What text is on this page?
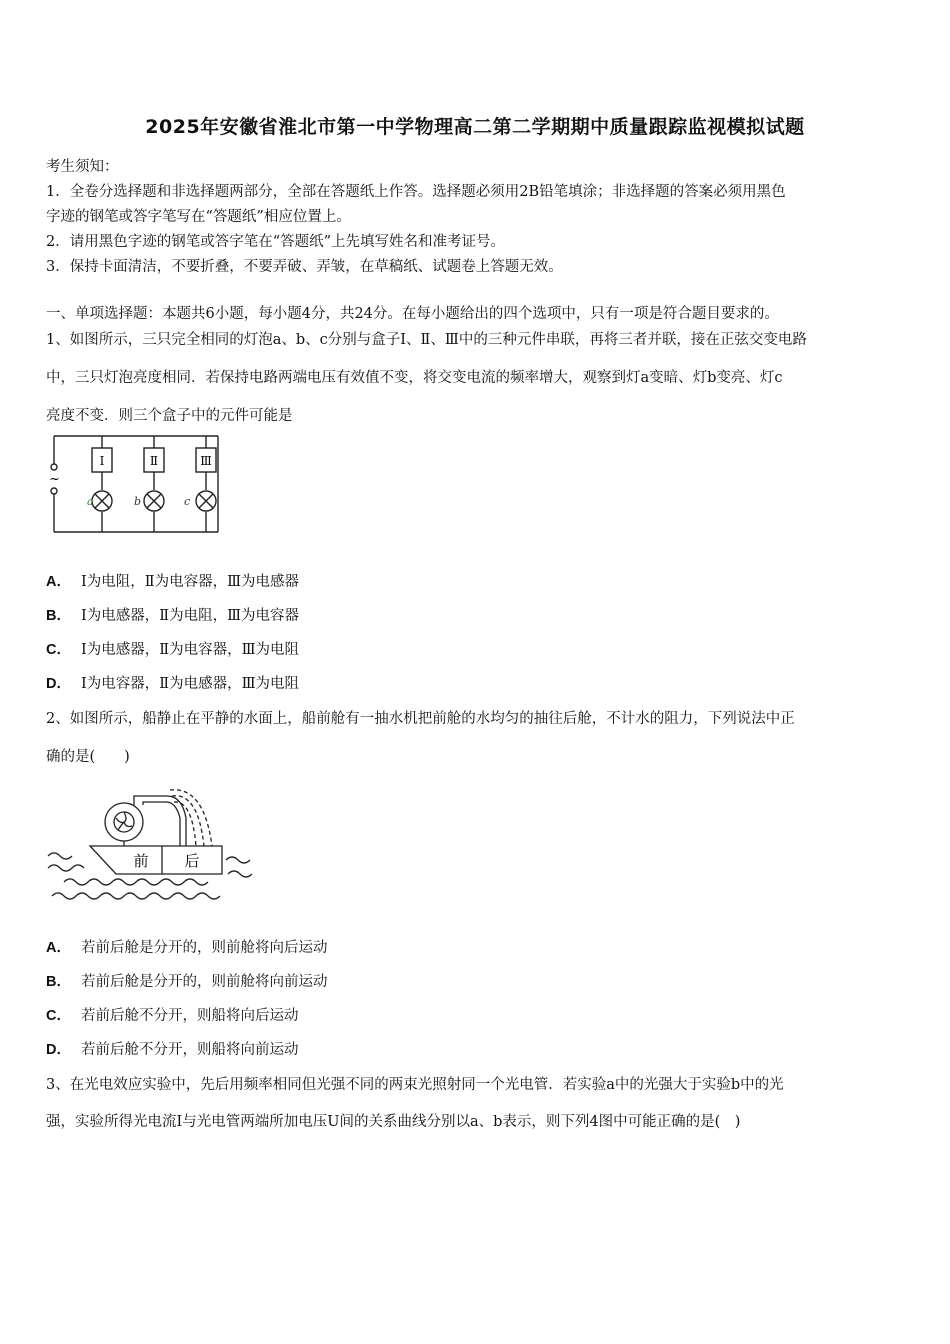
2025年安徽省淮北市第一中学物理高二第二学期期中质量跟踪监视模拟试题
考生须知：
1．全卷分选择题和非选择题两部分，全部在答题纸上作答。选择题必须用2B铅笔填涂；非选择题的答案必须用黑色
字迹的钢笔或答字笔写在“答题纸”相应位置上。
2．请用黑色字迹的钢笔或答字笔在“答题纸”上先填写姓名和准考证号。
3．保持卡面清洁，不要折叠，不要弄破、弄皱，在草稿纸、试题卷上答题无效。
一、单项选择题：本题共6小题，每小题4分，共24分。在每小题给出的四个选项中，只有一项是符合题目要求的。
1、如图所示，三只完全相同的灯泡a、b、c分别与盒子Ⅰ、Ⅱ、Ⅲ中的三种元件串联，再将三者并联，接在正弦交变电路
中，三只灯泡亮度相同．若保持电路两端电压有效值不变，将交变电流的频率增大，观察到灯a变暗、灯b变亮、灯c
亮度不变．则三个盒子中的元件可能是
Ⅰ	Ⅱ	Ⅲ
a	b	c
~
A． Ⅰ为电阻，Ⅱ为电容器，Ⅲ为电感器
B． Ⅰ为电感器，Ⅱ为电阻，Ⅲ为电容器
C． Ⅰ为电感器，Ⅱ为电容器，Ⅲ为电阻
D． Ⅰ为电容器，Ⅱ为电感器，Ⅲ为电阻
2、如图所示，船静止在平静的水面上，船前舱有一抽水机把前舱的水均匀的抽往后舱，不计水的阻力，下列说法中正
确的是(　　)
前 后
A． 若前后舱是分开的，则前舱将向后运动
B． 若前后舱是分开的，则前舱将向前运动
C． 若前后舱不分开，则船将向后运动
D． 若前后舱不分开，则船将向前运动
3、在光电效应实验中，先后用频率相同但光强不同的两束光照射同一个光电管．若实验a中的光强大于实验b中的光
强，实验所得光电流I与光电管两端所加电压U间的关系曲线分别以a、b表示，则下列4图中可能正确的是(　)
